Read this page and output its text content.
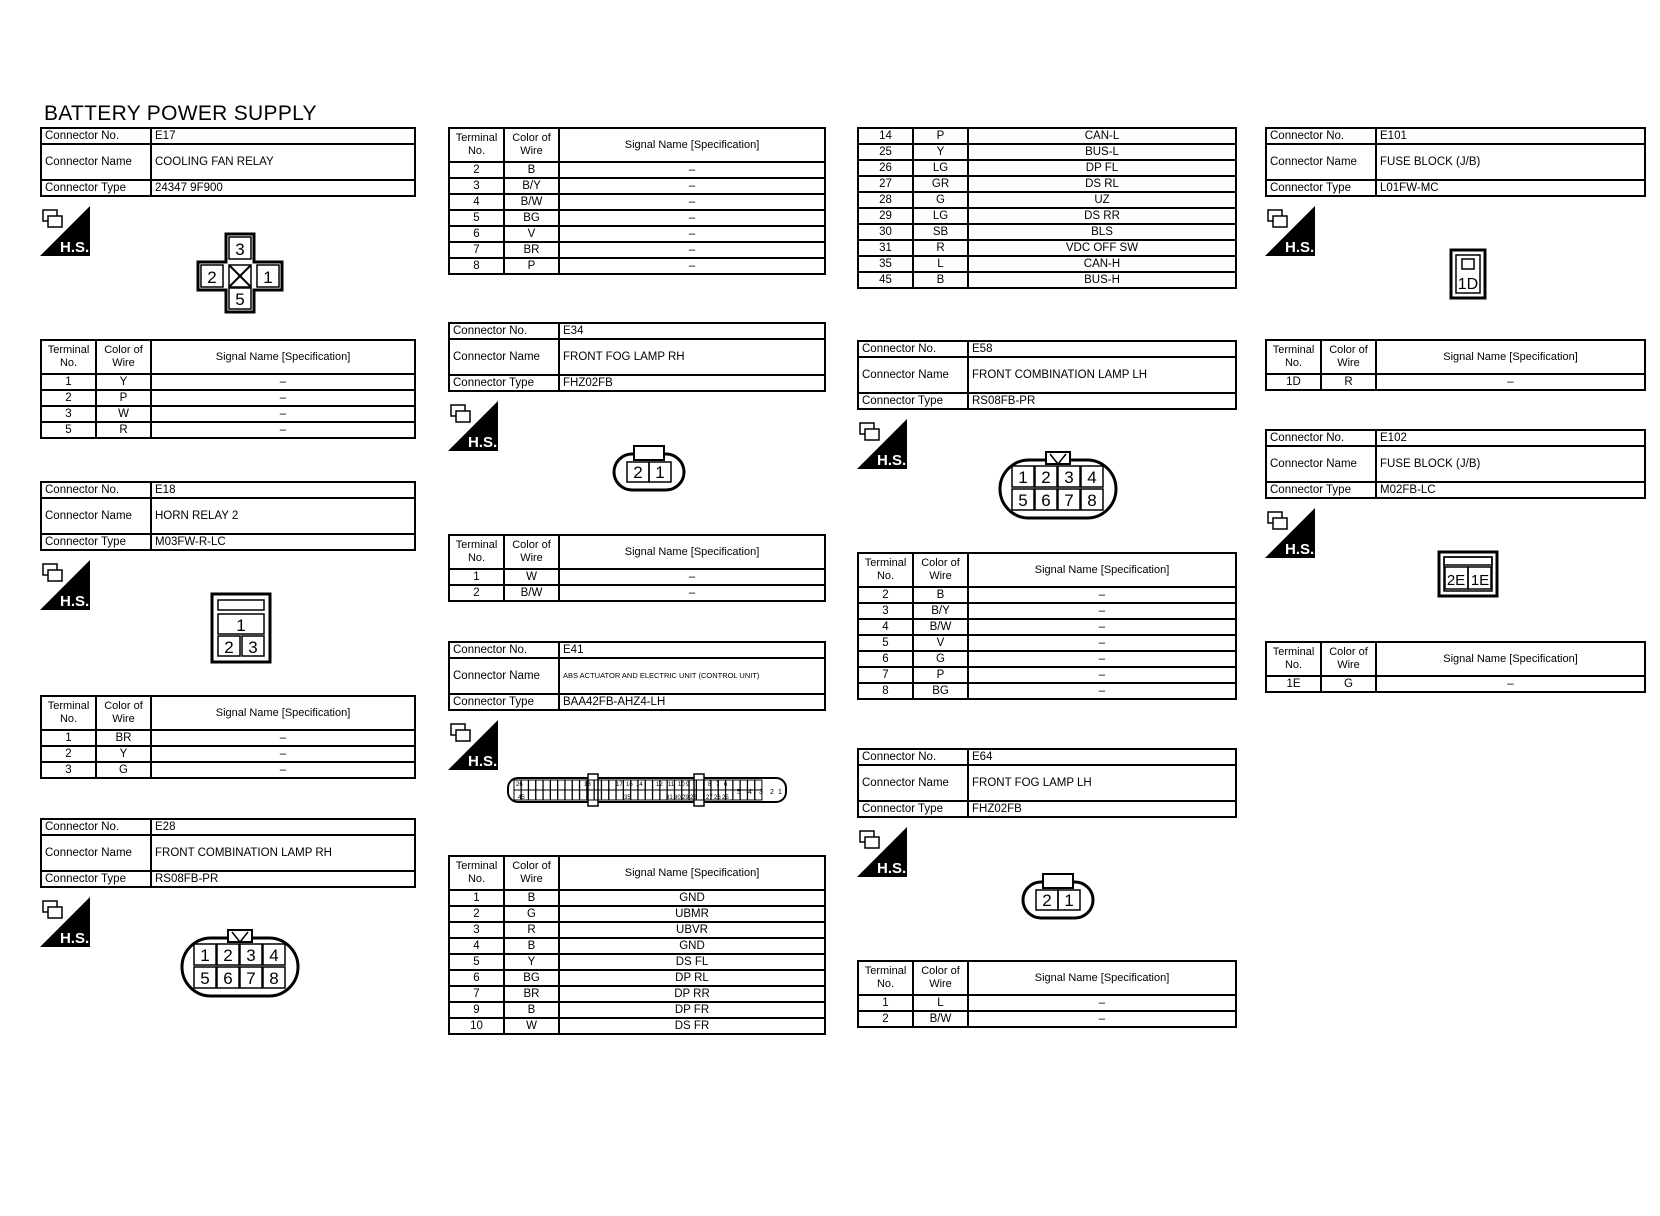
BATTERY POWER SUPPLY
Connector No.	E17
Connector Name	COOLING FAN RELAY
Connector Type	24347 9F900
H.S.	3
2	1
5
Terminal No.	Color of Wire	Signal Name [Specification]
1	Y	–
2	P	–
3	W	–
5	R	–
Connector No.	E18
Connector Name	HORN RELAY 2
Connector Type	M03FW-R-LC
H.S.
1
2 3
Terminal No.	Color of Wire	Signal Name [Specification]
1	BR	–
2	Y	–
3	G	–
Connector No.	E28
Connector Name	FRONT COMBINATION LAMP RH
Connector Type	RS08FB-PR
H.S.
1 2 3 4
5 6 7 8
Terminal No.	Color of Wire	Signal Name [Specification]
2	B	–
3	B/Y	–
4	B/W	–
5	BG	–
6	V	–
7	BR	–
8	P	–
Connector No.	E34
Connector Name	FRONT FOG LAMP RH
Connector Type	FHZ02FB
H.S.
2 1
Terminal No.	Color of Wire	Signal Name [Specification]
1	W	–
2	B/W	–
Connector No.	E41
Connector Name	ABS ACTUATOR AND ELECTRIC UNIT (CONTROL UNIT)
Connector Type	BAA42FB-AHZ4-LH
H.S.
26	18	17 16 14 12 11 10 9	8 7 6
5 4 3 2 1
45	35	31 30 29 28 27 26 25
Terminal No.	Color of Wire	Signal Name [Specification]
1	B	GND
2	G	UBMR
3	R	UBVR
4	B	GND
5	Y	DS FL
6	BG	DP RL
7	BR	DP RR
9	B	DP FR
10	W	DS FR
14	P	CAN-L
25	Y	BUS-L
26	LG	DP FL
27	GR	DS RL
28	G	UZ
29	LG	DS RR
30	SB	BLS
31	R	VDC OFF SW
35	L	CAN-H
45	B	BUS-H
Connector No.	E58
Connector Name	FRONT COMBINATION LAMP LH
Connector Type	RS08FB-PR
H.S.
1 2 3 4
5 6 7 8
Terminal No.	Color of Wire	Signal Name [Specification]
2	B	–
3	B/Y	–
4	B/W	–
5	V	–
6	G	–
7	P	–
8	BG	–
Connector No.	E64
Connector Name	FRONT FOG LAMP LH
Connector Type	FHZ02FB
H.S.
2 1
Terminal No.	Color of Wire	Signal Name [Specification]
1	L	–
2	B/W	–
Connector No.	E101
Connector Name	FUSE BLOCK (J/B)
Connector Type	L01FW-MC
H.S.
1D
Terminal No.	Color of Wire	Signal Name [Specification]
1D	R	–
Connector No.	E102
Connector Name	FUSE BLOCK (J/B)
Connector Type	M02FB-LC
H.S.
2E 1E
Terminal No.	Color of Wire	Signal Name [Specification]
1E	G	–
